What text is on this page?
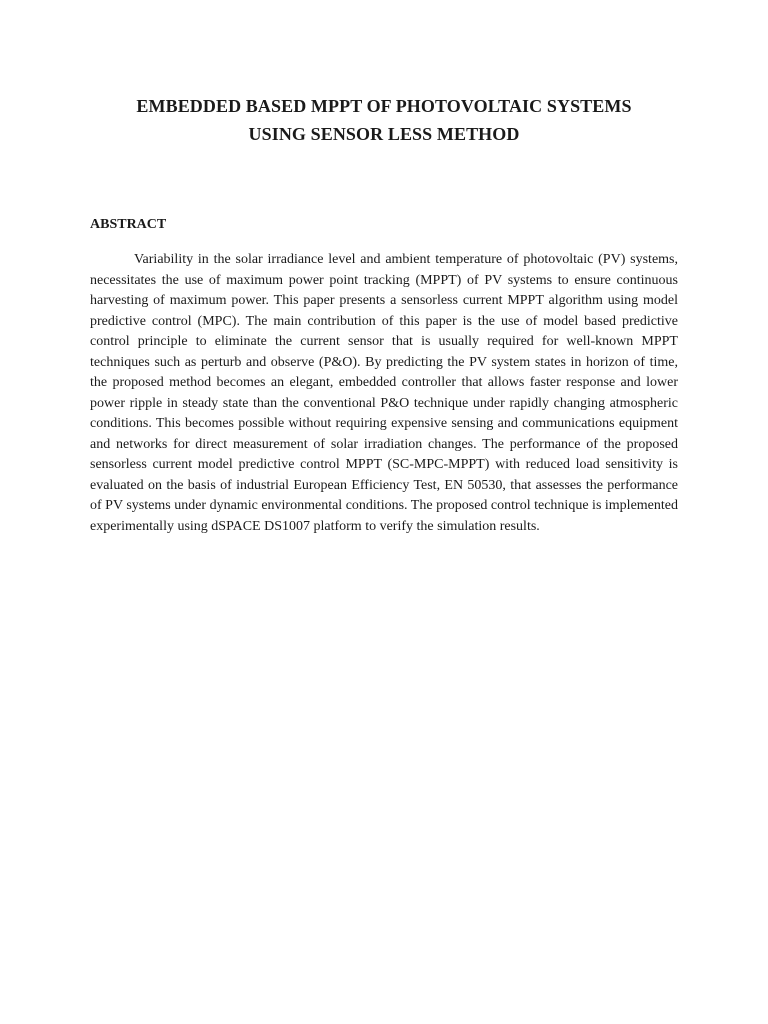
EMBEDDED BASED MPPT OF PHOTOVOLTAIC SYSTEMS
USING SENSOR LESS METHOD
ABSTRACT

Variability in the solar irradiance level and ambient temperature of photovoltaic (PV) systems, necessitates the use of maximum power point tracking (MPPT) of PV systems to ensure continuous harvesting of maximum power. This paper presents a sensorless current MPPT algorithm using model predictive control (MPC). The main contribution of this paper is the use of model based predictive control principle to eliminate the current sensor that is usually required for well-known MPPT techniques such as perturb and observe (P&O). By predicting the PV system states in horizon of time, the proposed method becomes an elegant, embedded controller that allows faster response and lower power ripple in steady state than the conventional P&O technique under rapidly changing atmospheric conditions. This becomes possible without requiring expensive sensing and communications equipment and networks for direct measurement of solar irradiation changes. The performance of the proposed sensorless current model predictive control MPPT (SC-MPC-MPPT) with reduced load sensitivity is evaluated on the basis of industrial European Efficiency Test, EN 50530, that assesses the performance of PV systems under dynamic environmental conditions. The proposed control technique is implemented experimentally using dSPACE DS1007 platform to verify the simulation results.
